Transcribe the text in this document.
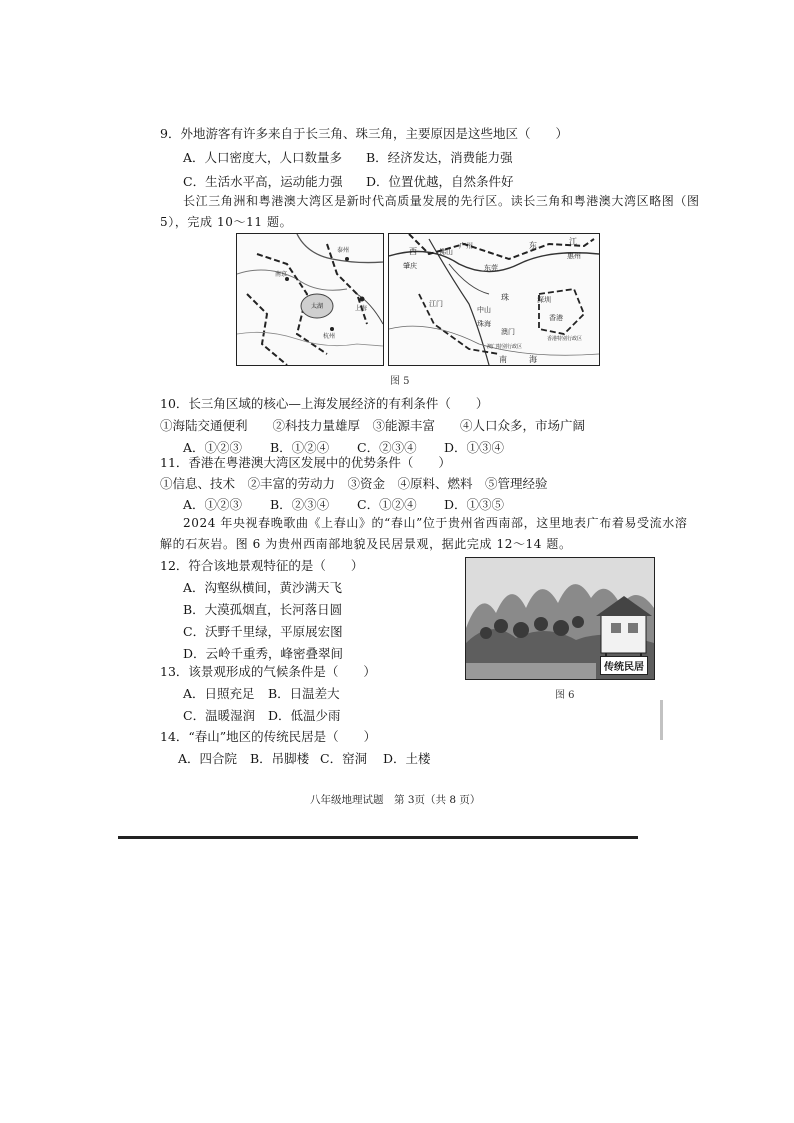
9．外地游客有许多来自于长三角、珠三角，主要原因是这些地区（　　）
A．人口密度大，人口数量多 B．经济发达，消费能力强
C．生活水平高，运动能力强 D．位置优越，自然条件好
长江三角洲和粤港澳大湾区是新时代高质量发展的先行区。读长三角和粤港澳大湾区略图（图
5），完成 10～11 题。
泰州
太湖	上海
南京
杭州
广州
佛山
肇庆	东莞
深圳
惠州
江门
中山
珠海
香港
澳门
东	江
西
珠
南	海
香港特别行政区
澳门特别行政区
图 5
10．长三角区域的核心—上海发展经济的有利条件（　　）
①海陆交通便利　　②科技力量雄厚　③能源丰富　　④人口众多，市场广阔
A．①②③ B．①②④ C．②③④ D．①③④
11．香港在粤港澳大湾区发展中的优势条件（　　）
①信息、技术　②丰富的劳动力　③资金　④原料、燃料　⑤管理经验
A．①②③ B．②③④ C．①②④ D．①③⑤
2024 年央视春晚歌曲《上春山》的“春山”位于贵州省西南部，这里地表广布着易受流水溶
解的石灰岩。图 6 为贵州西南部地貌及民居景观，据此完成 12～14 题。
12．符合该地景观特征的是（　　）
A．沟壑纵横间，黄沙满天飞
B．大漠孤烟直，长河落日圆
C．沃野千里绿，平原展宏图
D．云岭千重秀，峰密叠翠间
传统民居
图 6
13．该景观形成的气候条件是（　　）
A．日照充足 B．日温差大
C．温暖湿润 D．低温少雨
14．“春山”地区的传统民居是（　　）
A．四合院 B．吊脚楼 C．窑洞 D．土楼
八年级地理试题　第 3页（共 8 页）
